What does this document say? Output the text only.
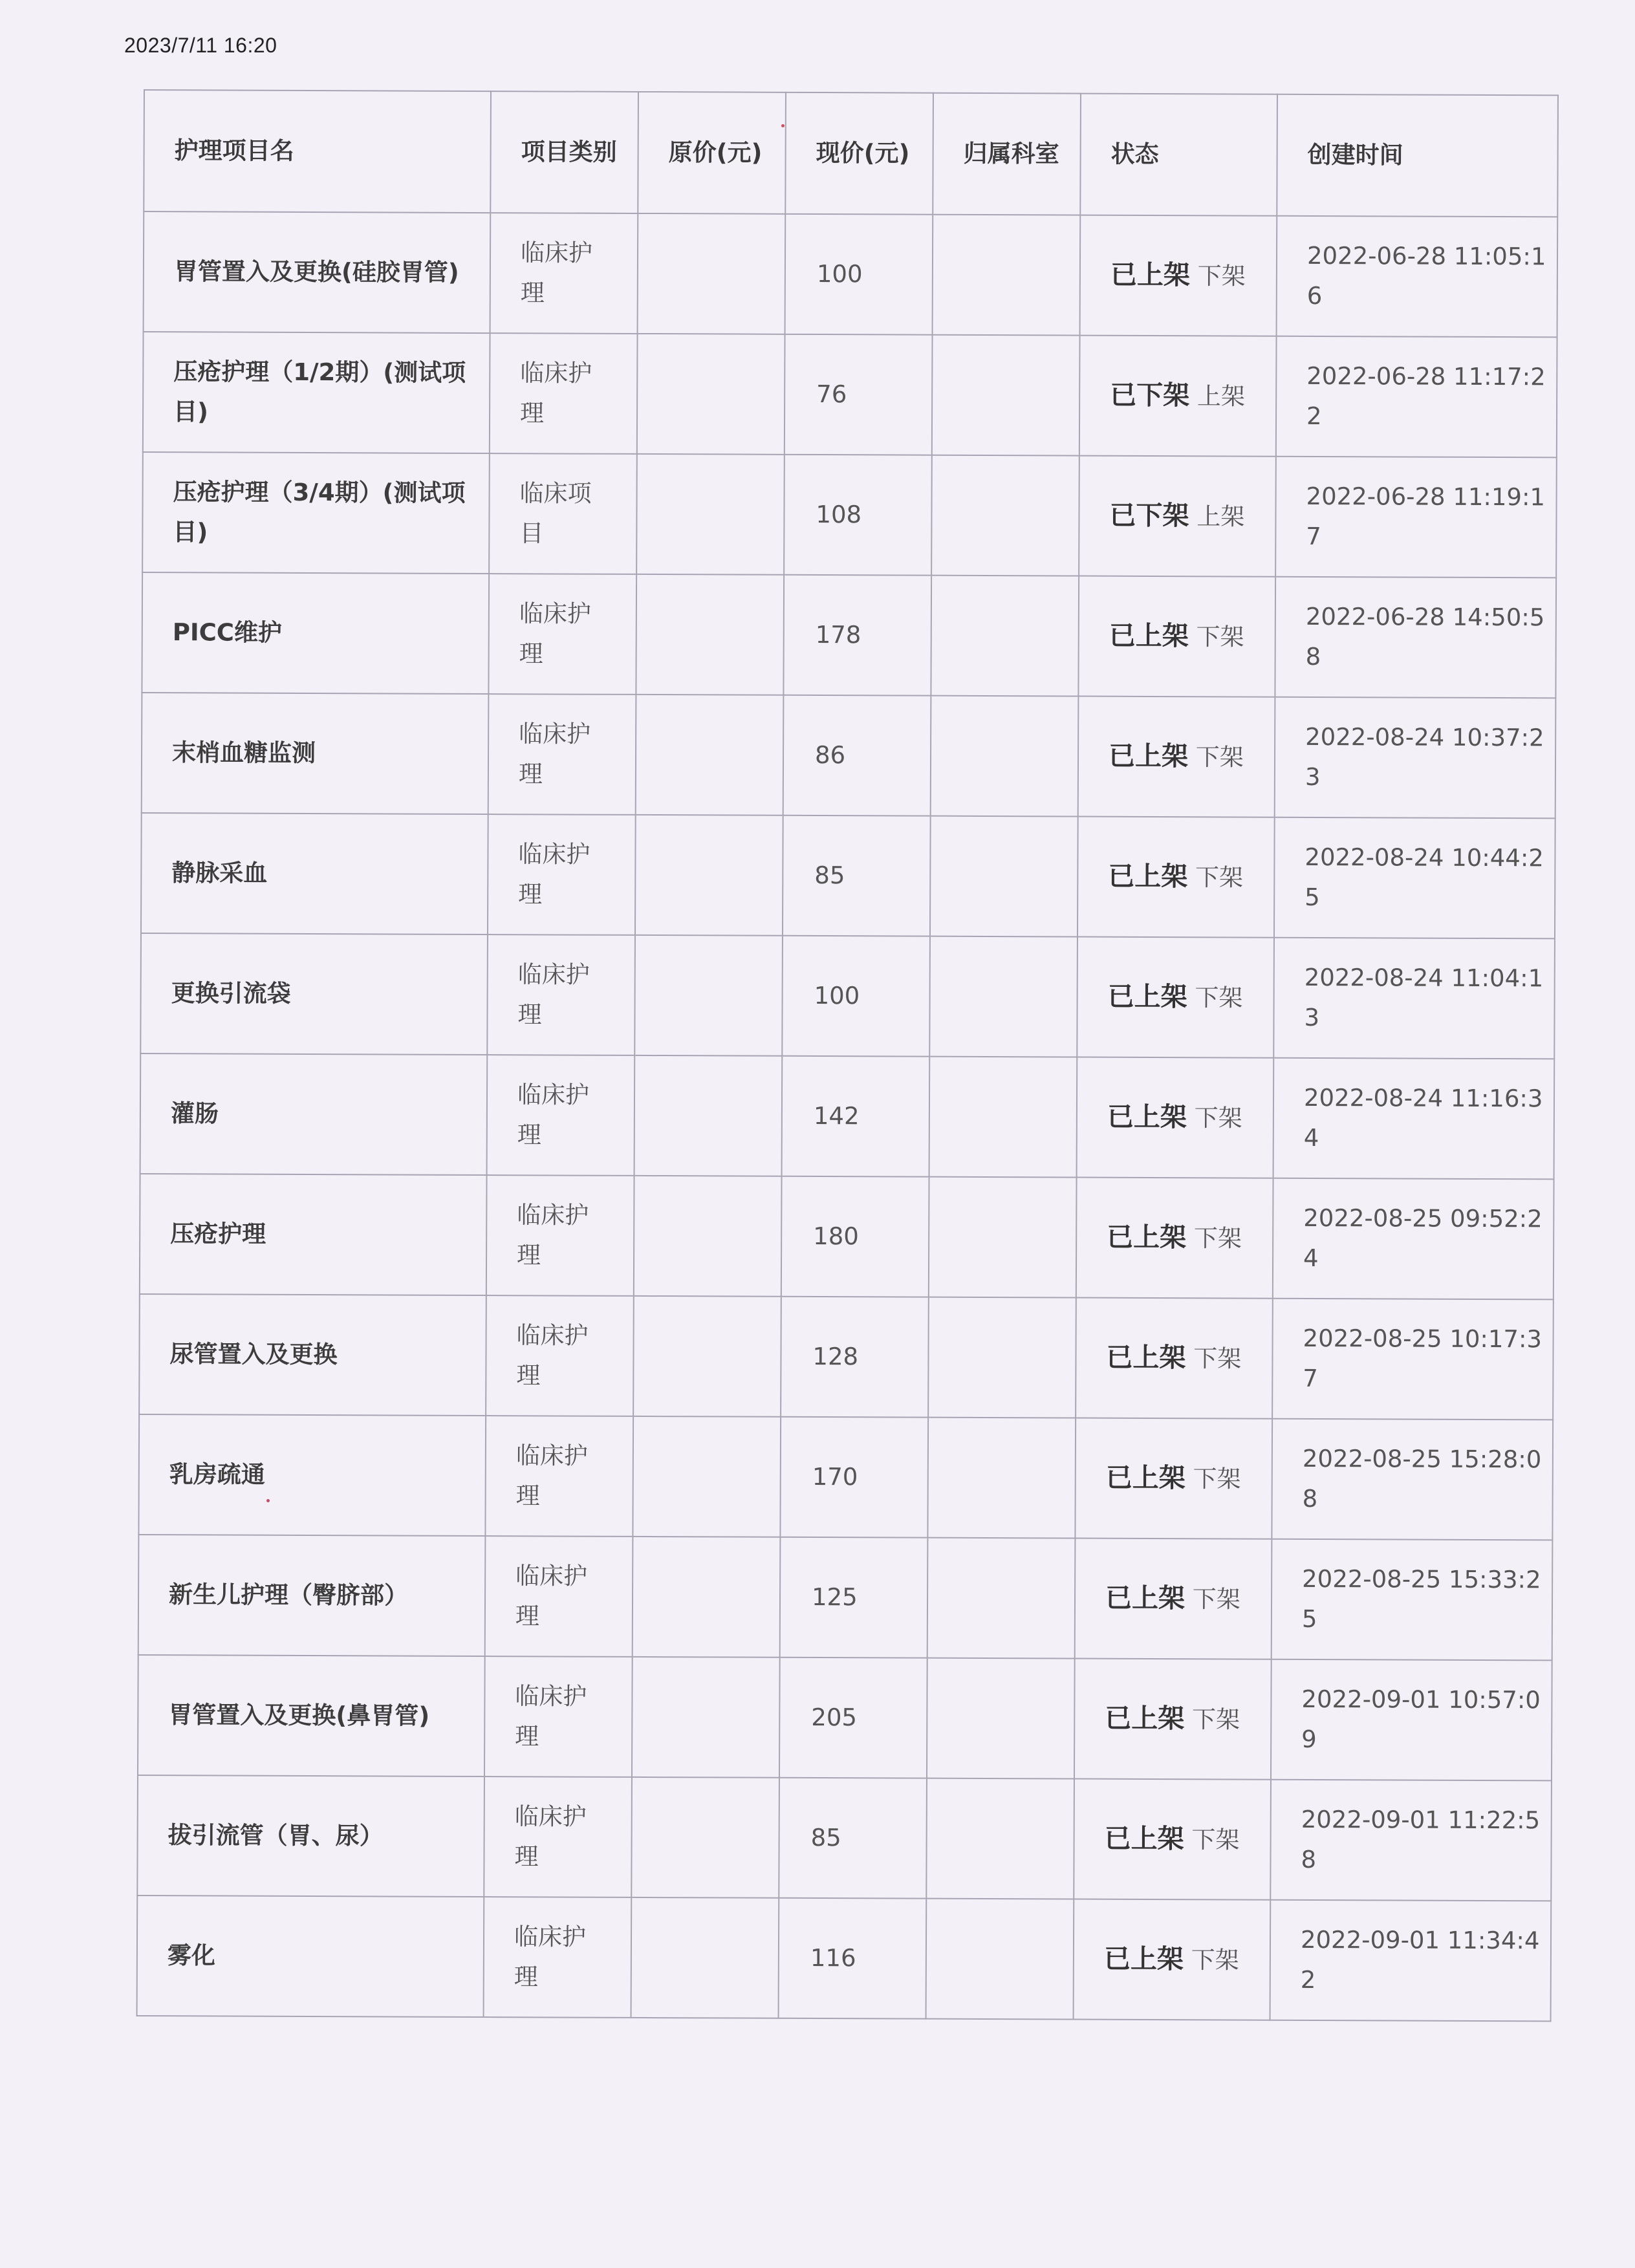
2023/7/11 16:20
护理项目名	项目类别	原价(元)	现价(元)	归属科室	状态	创建时间
胃管置入及更换(硅胶胃管)	临床护理		100		已上架 下架	2022-06-28 11:05:16
压疮护理（1/2期）(测试项目)	临床护理		76		已下架 上架	2022-06-28 11:17:22
压疮护理（3/4期）(测试项目)	临床项目		108		已下架 上架	2022-06-28 11:19:17
PICC维护	临床护理		178		已上架 下架	2022-06-28 14:50:58
末梢血糖监测	临床护理		86		已上架 下架	2022-08-24 10:37:23
静脉采血	临床护理		85		已上架 下架	2022-08-24 10:44:25
更换引流袋	临床护理		100		已上架 下架	2022-08-24 11:04:13
灌肠	临床护理		142		已上架 下架	2022-08-24 11:16:34
压疮护理	临床护理		180		已上架 下架	2022-08-25 09:52:24
尿管置入及更换	临床护理		128		已上架 下架	2022-08-25 10:17:37
乳房疏通	临床护理		170		已上架 下架	2022-08-25 15:28:08
新生儿护理（臀脐部）	临床护理		125		已上架 下架	2022-08-25 15:33:25
胃管置入及更换(鼻胃管)	临床护理		205		已上架 下架	2022-09-01 10:57:09
拔引流管（胃、尿）	临床护理		85		已上架 下架	2022-09-01 11:22:58
雾化	临床护理		116		已上架 下架	2022-09-01 11:34:42
